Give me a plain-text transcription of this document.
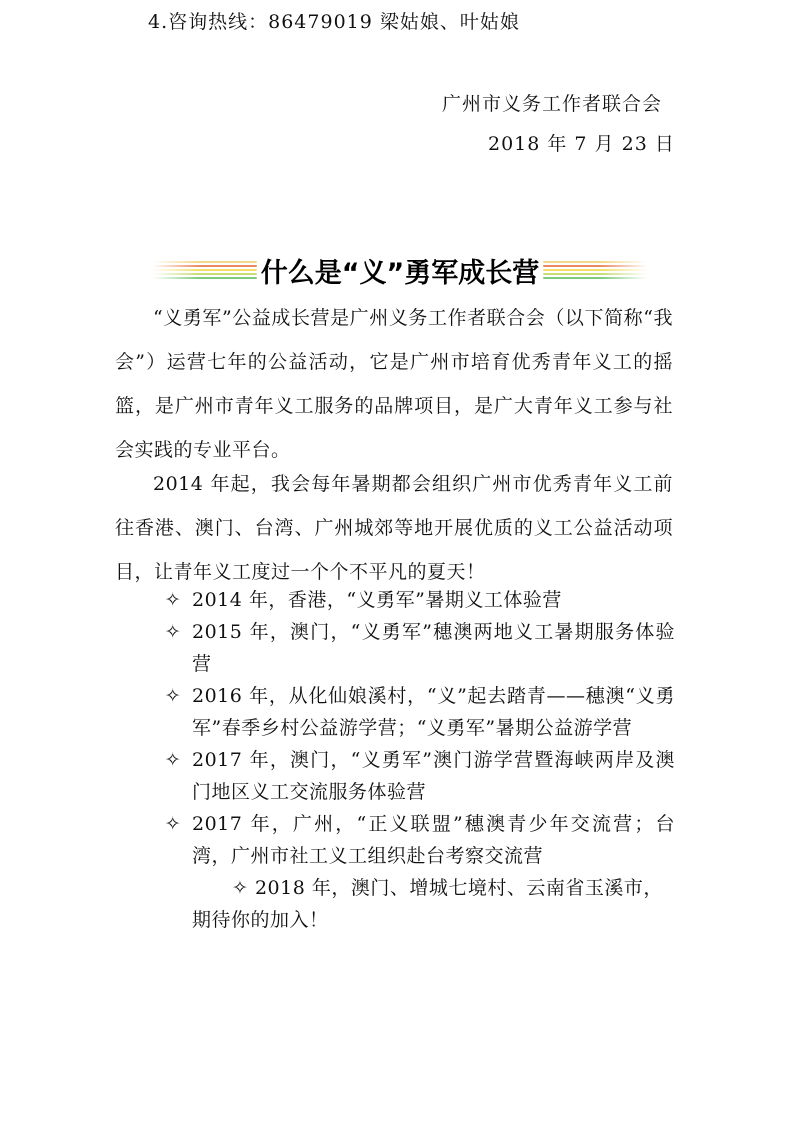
4.咨询热线：86479019 梁姑娘、叶姑娘
广州市义务工作者联合会
2018 年 7 月 23 日
什么是“义”勇军成长营

“义勇军”公益成长营是广州义务工作者联合会（以下简称“我会”）运营七年的公益活动，它是广州市培育优秀青年义工的摇篮，是广州市青年义工服务的品牌项目，是广大青年义工参与社会实践的专业平台。

2014 年起，我会每年暑期都会组织广州市优秀青年义工前往香港、澳门、台湾、广州城郊等地开展优质的义工公益活动项目，让青年义工度过一个个不平凡的夏天！

✧ 2014 年，香港，“义勇军”暑期义工体验营
✧ 2015 年，澳门，“义勇军”穗澳两地义工暑期服务体验营
✧ 2016 年，从化仙娘溪村，“义”起去踏青——穗澳“义勇军”春季乡村公益游学营；“义勇军”暑期公益游学营
✧ 2017 年，澳门，“义勇军”澳门游学营暨海峡两岸及澳门地区义工交流服务体验营
✧ 2017 年，广州，“正义联盟”穗澳青少年交流营；台湾，广州市社工义工组织赴台考察交流营
✧ 2018 年，澳门、增城七境村、云南省玉溪市，
期待你的加入！
